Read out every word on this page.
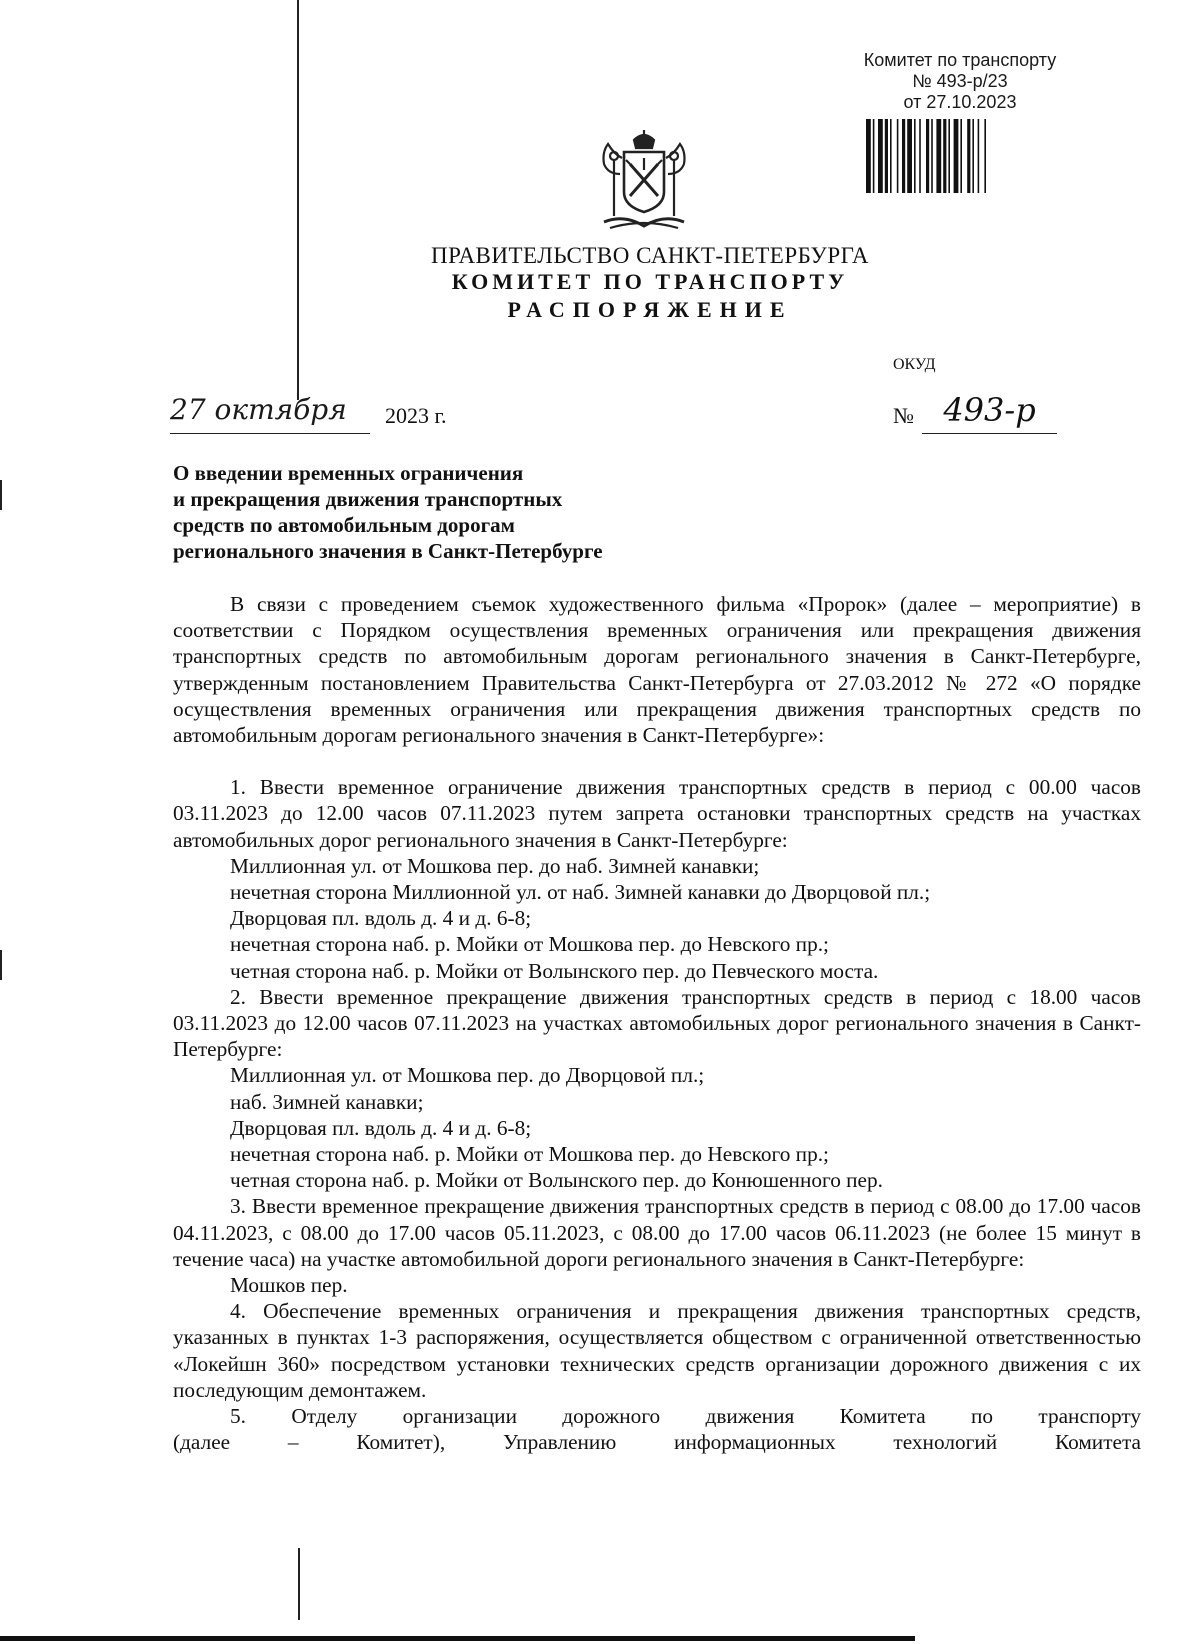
Комитет по транспорту
№ 493-р/23
от 27.10.2023
ПРАВИТЕЛЬСТВО САНКТ-ПЕТЕРБУРГА
КОМИТЕТ ПО ТРАНСПОРТУ
РАСПОРЯЖЕНИЕ
ОКУД
27 октября	2023 г.	№ 493-р
О введении временных ограничения
и прекращения движения транспортных
средств по автомобильным дорогам
регионального значения в Санкт-Петербурге

В связи с проведением съемок художественного фильма «Пророк» (далее – мероприятие) в соответствии с Порядком осуществления временных ограничения или прекращения движения транспортных средств по автомобильным дорогам регионального значения в Санкт-Петербурге, утвержденным постановлением Правительства Санкт-Петербурга от 27.03.2012 № 272 «О порядке осуществления временных ограничения или прекращения движения транспортных средств по автомобильным дорогам регионального значения в Санкт-Петербурге»:

1. Ввести временное ограничение движения транспортных средств в период с 00.00 часов 03.11.2023 до 12.00 часов 07.11.2023 путем запрета остановки транспортных средств на участках автомобильных дорог регионального значения в Санкт-Петербурге:

Миллионная ул. от Мошкова пер. до наб. Зимней канавки;

нечетная сторона Миллионной ул. от наб. Зимней канавки до Дворцовой пл.;

Дворцовая пл. вдоль д. 4 и д. 6-8;

нечетная сторона наб. р. Мойки от Мошкова пер. до Невского пр.;

четная сторона наб. р. Мойки от Волынского пер. до Певческого моста.

2. Ввести временное прекращение движения транспортных средств в период с 18.00 часов 03.11.2023 до 12.00 часов 07.11.2023 на участках автомобильных дорог регионального значения в Санкт-Петербурге:

Миллионная ул. от Мошкова пер. до Дворцовой пл.;

наб. Зимней канавки;

Дворцовая пл. вдоль д. 4 и д. 6-8;

нечетная сторона наб. р. Мойки от Мошкова пер. до Невского пр.;

четная сторона наб. р. Мойки от Волынского пер. до Конюшенного пер.

3. Ввести временное прекращение движения транспортных средств в период с 08.00 до 17.00 часов 04.11.2023, с 08.00 до 17.00 часов 05.11.2023, с 08.00 до 17.00 часов 06.11.2023 (не более 15 минут в течение часа) на участке автомобильной дороги регионального значения в Санкт-Петербурге:

Мошков пер.

4. Обеспечение временных ограничения и прекращения движения транспортных средств, указанных в пунктах 1-3 распоряжения, осуществляется обществом с ограниченной ответственностью «Локейшн 360» посредством установки технических средств организации дорожного движения с их последующим демонтажем.

5. Отделу организации дорожного движения Комитета по транспорту

(далее – Комитет), Управлению информационных технологий Комитета
